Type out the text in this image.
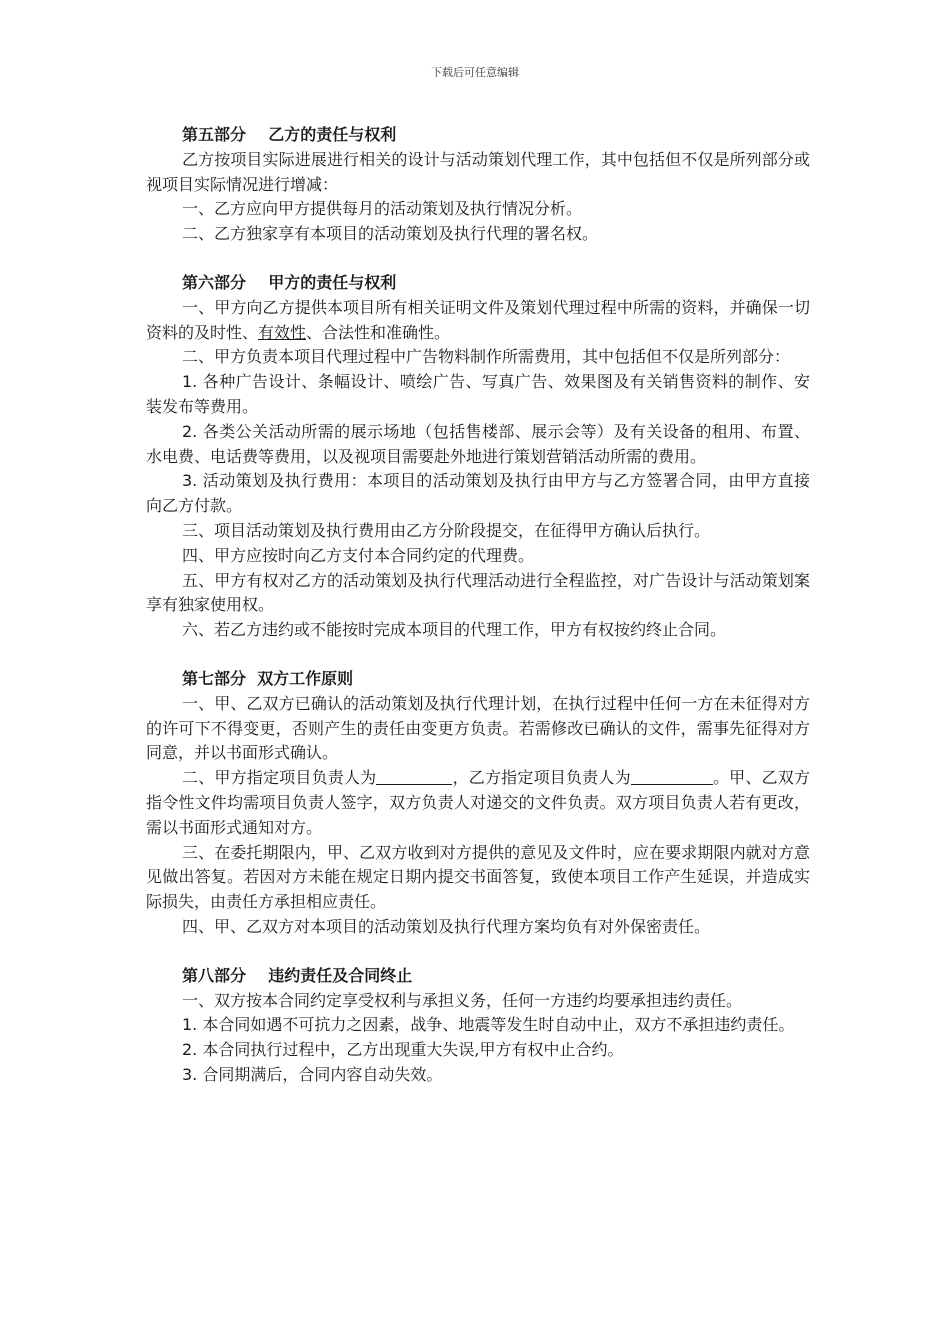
下载后可任意编辑
第五部分    乙方的责任与权利

乙方按项目实际进展进行相关的设计与活动策划代理工作，其中包括但不仅是所列部分或视项目实际情况进行增减：

一、乙方应向甲方提供每月的活动策划及执行情况分析。

二、乙方独家享有本项目的活动策划及执行代理的署名权。

第六部分    甲方的责任与权利

一、甲方向乙方提供本项目所有相关证明文件及策划代理过程中所需的资料，并确保一切资料的及时性、有效性、合法性和准确性。

二、甲方负责本项目代理过程中广告物料制作所需费用，其中包括但不仅是所列部分：

1. 各种广告设计、条幅设计、喷绘广告、写真广告、效果图及有关销售资料的制作、安装发布等费用。

2. 各类公关活动所需的展示场地（包括售楼部、展示会等）及有关设备的租用、布置、水电费、电话费等费用，以及视项目需要赴外地进行策划营销活动所需的费用。

3. 活动策划及执行费用：本项目的活动策划及执行由甲方与乙方签署合同，由甲方直接向乙方付款。

三、项目活动策划及执行费用由乙方分阶段提交，在征得甲方确认后执行。

四、甲方应按时向乙方支付本合同约定的代理费。

五、甲方有权对乙方的活动策划及执行代理活动进行全程监控，对广告设计与活动策划案享有独家使用权。

六、若乙方违约或不能按时完成本项目的代理工作，甲方有权按约终止合同。

第七部分  双方工作原则

一、甲、乙双方已确认的活动策划及执行代理计划，在执行过程中任何一方在未征得对方的许可下不得变更，否则产生的责任由变更方负责。若需修改已确认的文件，需事先征得对方同意，并以书面形式确认。

二、甲方指定项目负责人为	，乙方指定项目负责人为	。甲、乙双方指令性文件均需项目负责人签字，双方负责人对递交的文件负责。双方项目负责人若有更改，需以书面形式通知对方。

三、在委托期限内，甲、乙双方收到对方提供的意见及文件时，应在要求期限内就对方意见做出答复。若因对方未能在规定日期内提交书面答复，致使本项目工作产生延误，并造成实际损失，由责任方承担相应责任。

四、甲、乙双方对本项目的活动策划及执行代理方案均负有对外保密责任。

第八部分    违约责任及合同终止

一、双方按本合同约定享受权利与承担义务，任何一方违约均要承担违约责任。

1. 本合同如遇不可抗力之因素，战争、地震等发生时自动中止，双方不承担违约责任。

2. 本合同执行过程中，乙方出现重大失误,甲方有权中止合约。

3. 合同期满后，合同内容自动失效。
